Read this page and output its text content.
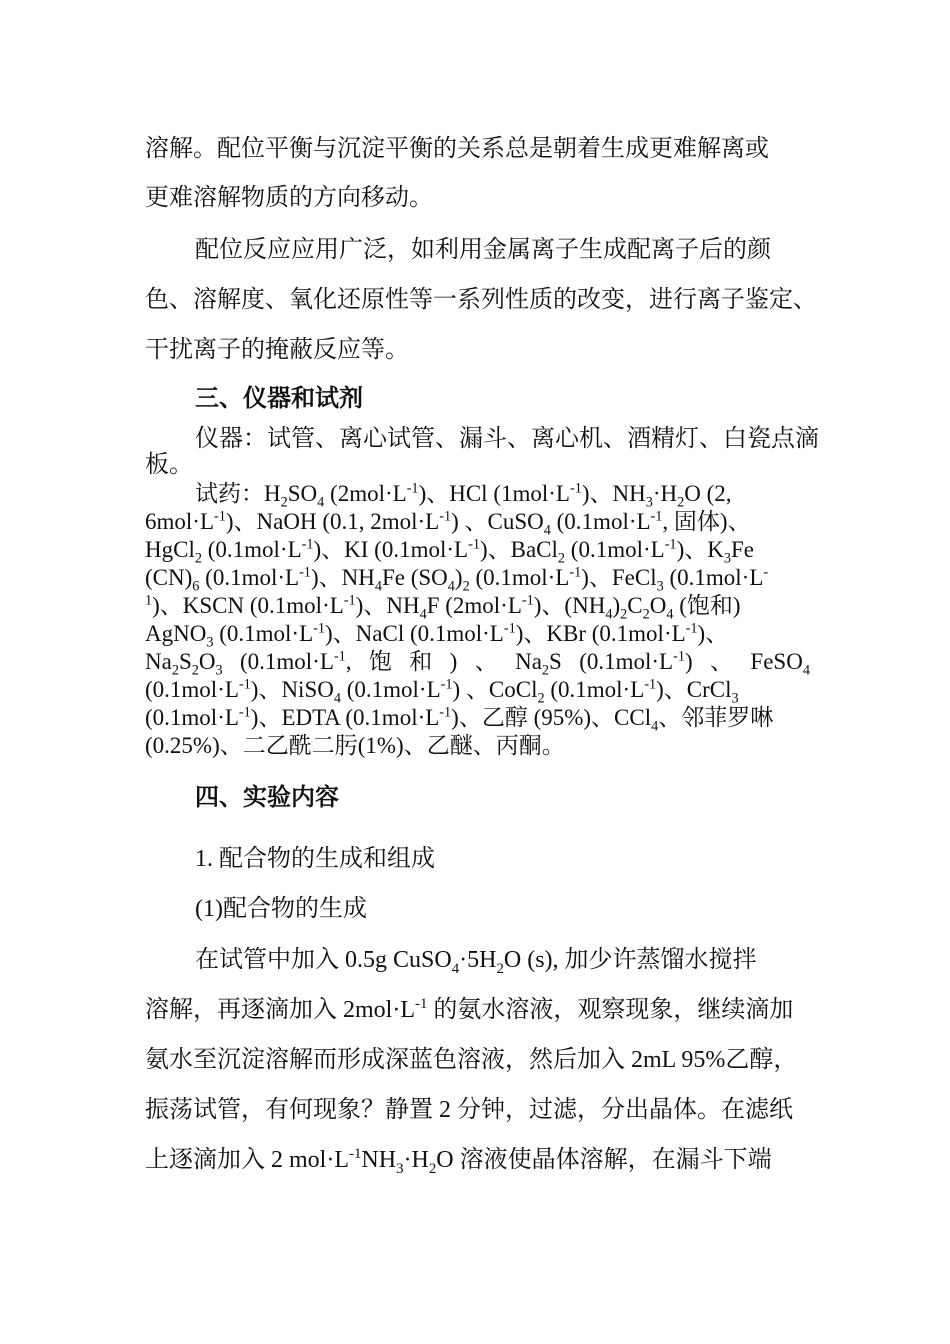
溶解。配位平衡与沉淀平衡的关系总是朝着生成更难解离或
更难溶解物质的方向移动。
配位反应应用广泛，如利用金属离子生成配离子后的颜
色、溶解度、氧化还原性等一系列性质的改变，进行离子鉴定、
干扰离子的掩蔽反应等。
三、仪器和试剂
仪器：试管、离心试管、漏斗、离心机、酒精灯、白瓷点滴
板。
试药：$H_2SO_4$ $(2mol\cdot L^{-1})$、HCl $(1mol\cdot L^{-1})$、$NH_3\cdot H_2O$ (2,
$6mol\cdot L^{-1}$)、NaOH (0.1, $2mol\cdot L^{-1}$) 、CuSO$_4$ ($0.1mol\cdot L^{-1}$, 固体)、
HgCl$_2$ $(0.1mol\cdot L^{-1})$、KI $(0.1mol\cdot L^{-1})$、BaCl$_2$ $(0.1mol\cdot L^{-1})$、$K_3Fe$
$(CN)_6$ $(0.1mol\cdot L^{-1})$、$NH_4Fe$ $(SO_4)_2$ $(0.1mol\cdot L^{-1})$、FeCl$_3$ (0.1mol·L-
$^1$)、KSCN $(0.1mol\cdot L^{-1})$、$NH_4F$ $(2mol\cdot L^{-1})$、$(NH_4)_2C_2O_4$ (饱和)
AgNO$_3$ $(0.1mol\cdot L^{-1})$、NaCl $(0.1mol\cdot L^{-1})$、KBr $(0.1mol\cdot L^{-1})$、
$Na_2S_2O_3$ ($0.1mol\cdot L^{-1}$, 饱 和 ) 、 $Na_2S$ $(0.1mol\cdot L^{-1})$ 、 FeSO$_4$
$(0.1mol\cdot L^{-1})$、NiSO$_4$ $(0.1mol\cdot L^{-1})$ 、CoCl$_2$ $(0.1mol\cdot L^{-1})$、CrCl$_3$
$(0.1mol\cdot L^{-1})$、EDTA $(0.1mol\cdot L^{-1})$、乙醇 (95%)、CCl$_4$、邻菲罗啉
(0.25%)、二乙酰二肟(1%)、乙醚、丙酮。
四、实验内容
1. 配合物的生成和组成
(1)配合物的生成
在试管中加入 0.5g $CuSO_4\cdot 5H_2O$ (s), 加少许蒸馏水搅拌
溶解，再逐滴加入 $2mol\cdot L^{-1}$ 的氨水溶液，观察现象，继续滴加
氨水至沉淀溶解而形成深蓝色溶液，然后加入 2mL 95%乙醇，
振荡试管，有何现象？静置 2 分钟，过滤，分出晶体。在滤纸
上逐滴加入 2 $mol\cdot L^{-1}NH_3\cdot H_2O$ 溶液使晶体溶解，在漏斗下端
